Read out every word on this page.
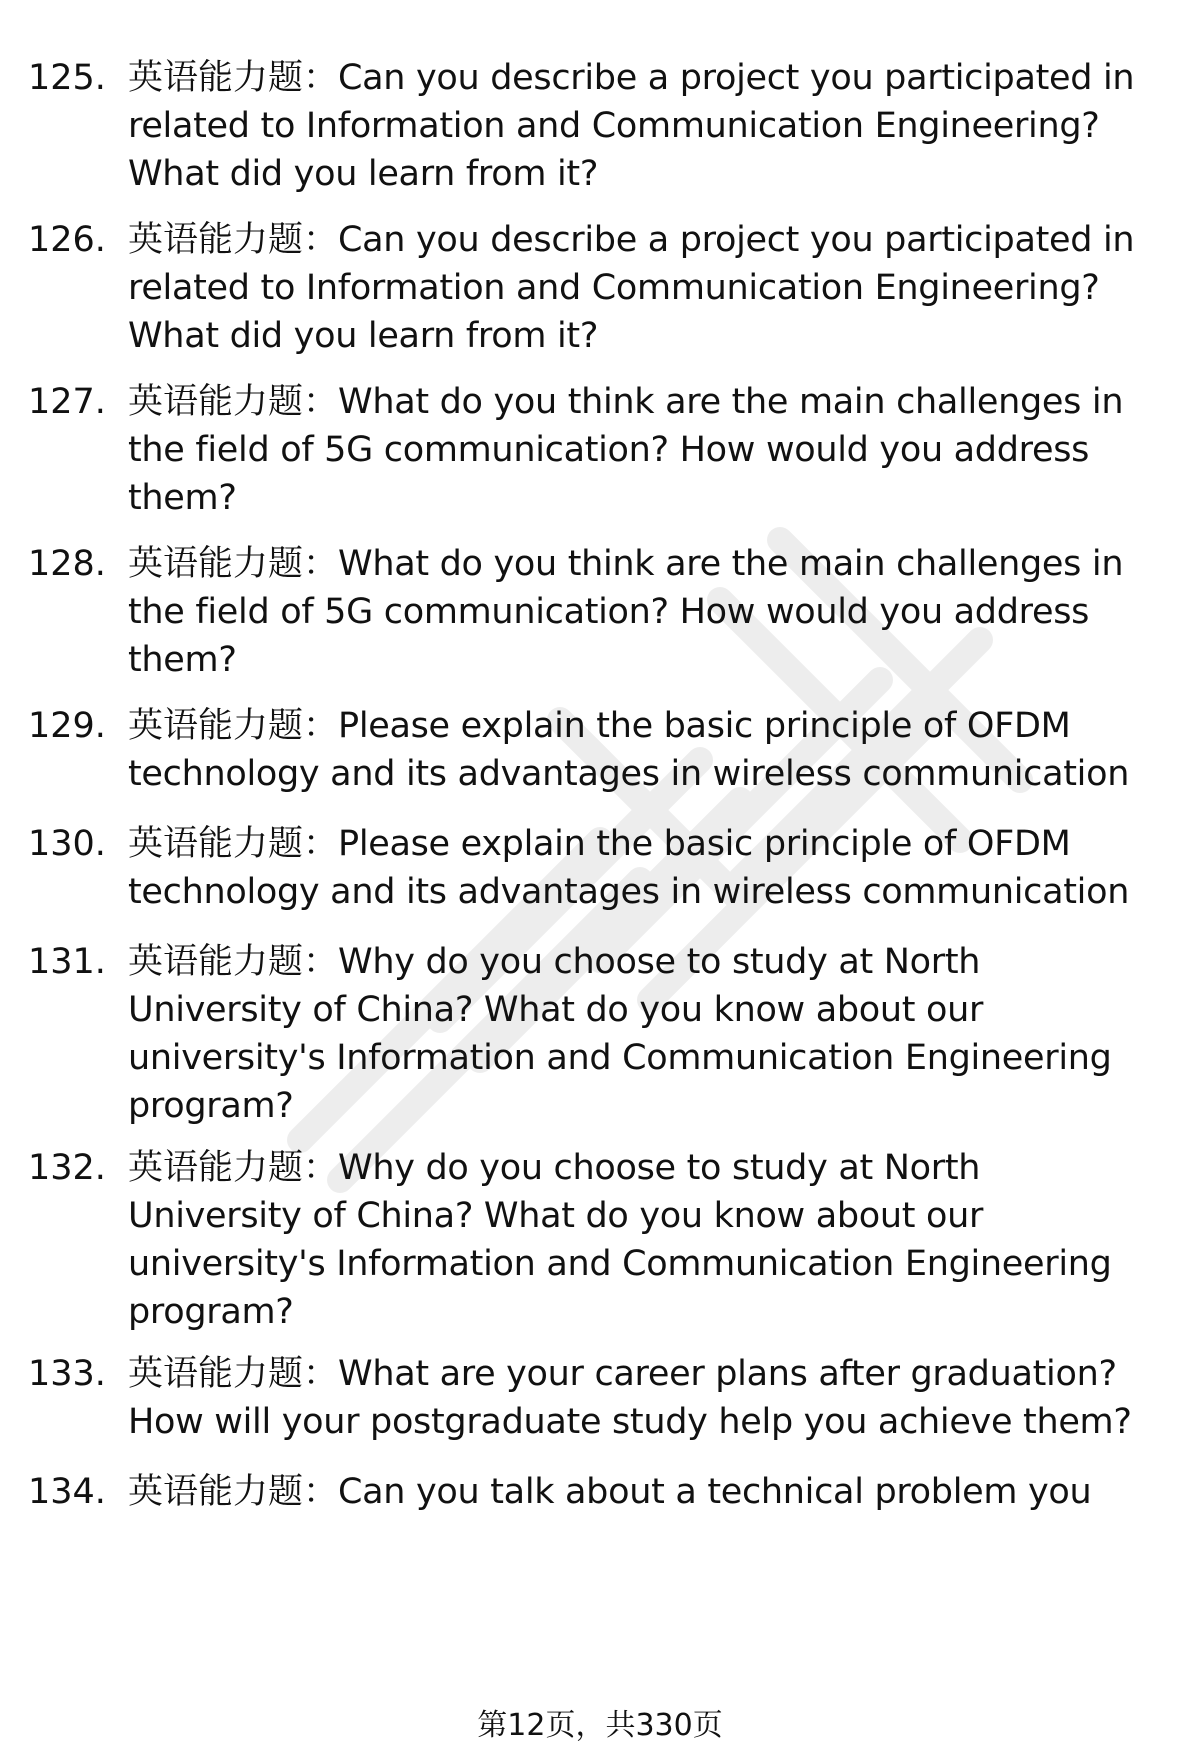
125. 英语能力题：Can you describe a project you participated in
related to Information and Communication Engineering?
What did you learn from it?
126. 英语能力题：Can you describe a project you participated in
related to Information and Communication Engineering?
What did you learn from it?
127. 英语能力题：What do you think are the main challenges in
the field of 5G communication? How would you address
them?
128. 英语能力题：What do you think are the main challenges in
the field of 5G communication? How would you address
them?
129. 英语能力题：Please explain the basic principle of OFDM
technology and its advantages in wireless communication
130. 英语能力题：Please explain the basic principle of OFDM
technology and its advantages in wireless communication
131. 英语能力题：Why do you choose to study at North
University of China? What do you know about our
university's Information and Communication Engineering
program?
132. 英语能力题：Why do you choose to study at North
University of China? What do you know about our
university's Information and Communication Engineering
program?
133. 英语能力题：What are your career plans after graduation?
How will your postgraduate study help you achieve them?
134. 英语能力题：Can you talk about a technical problem you
第12页，共330页
